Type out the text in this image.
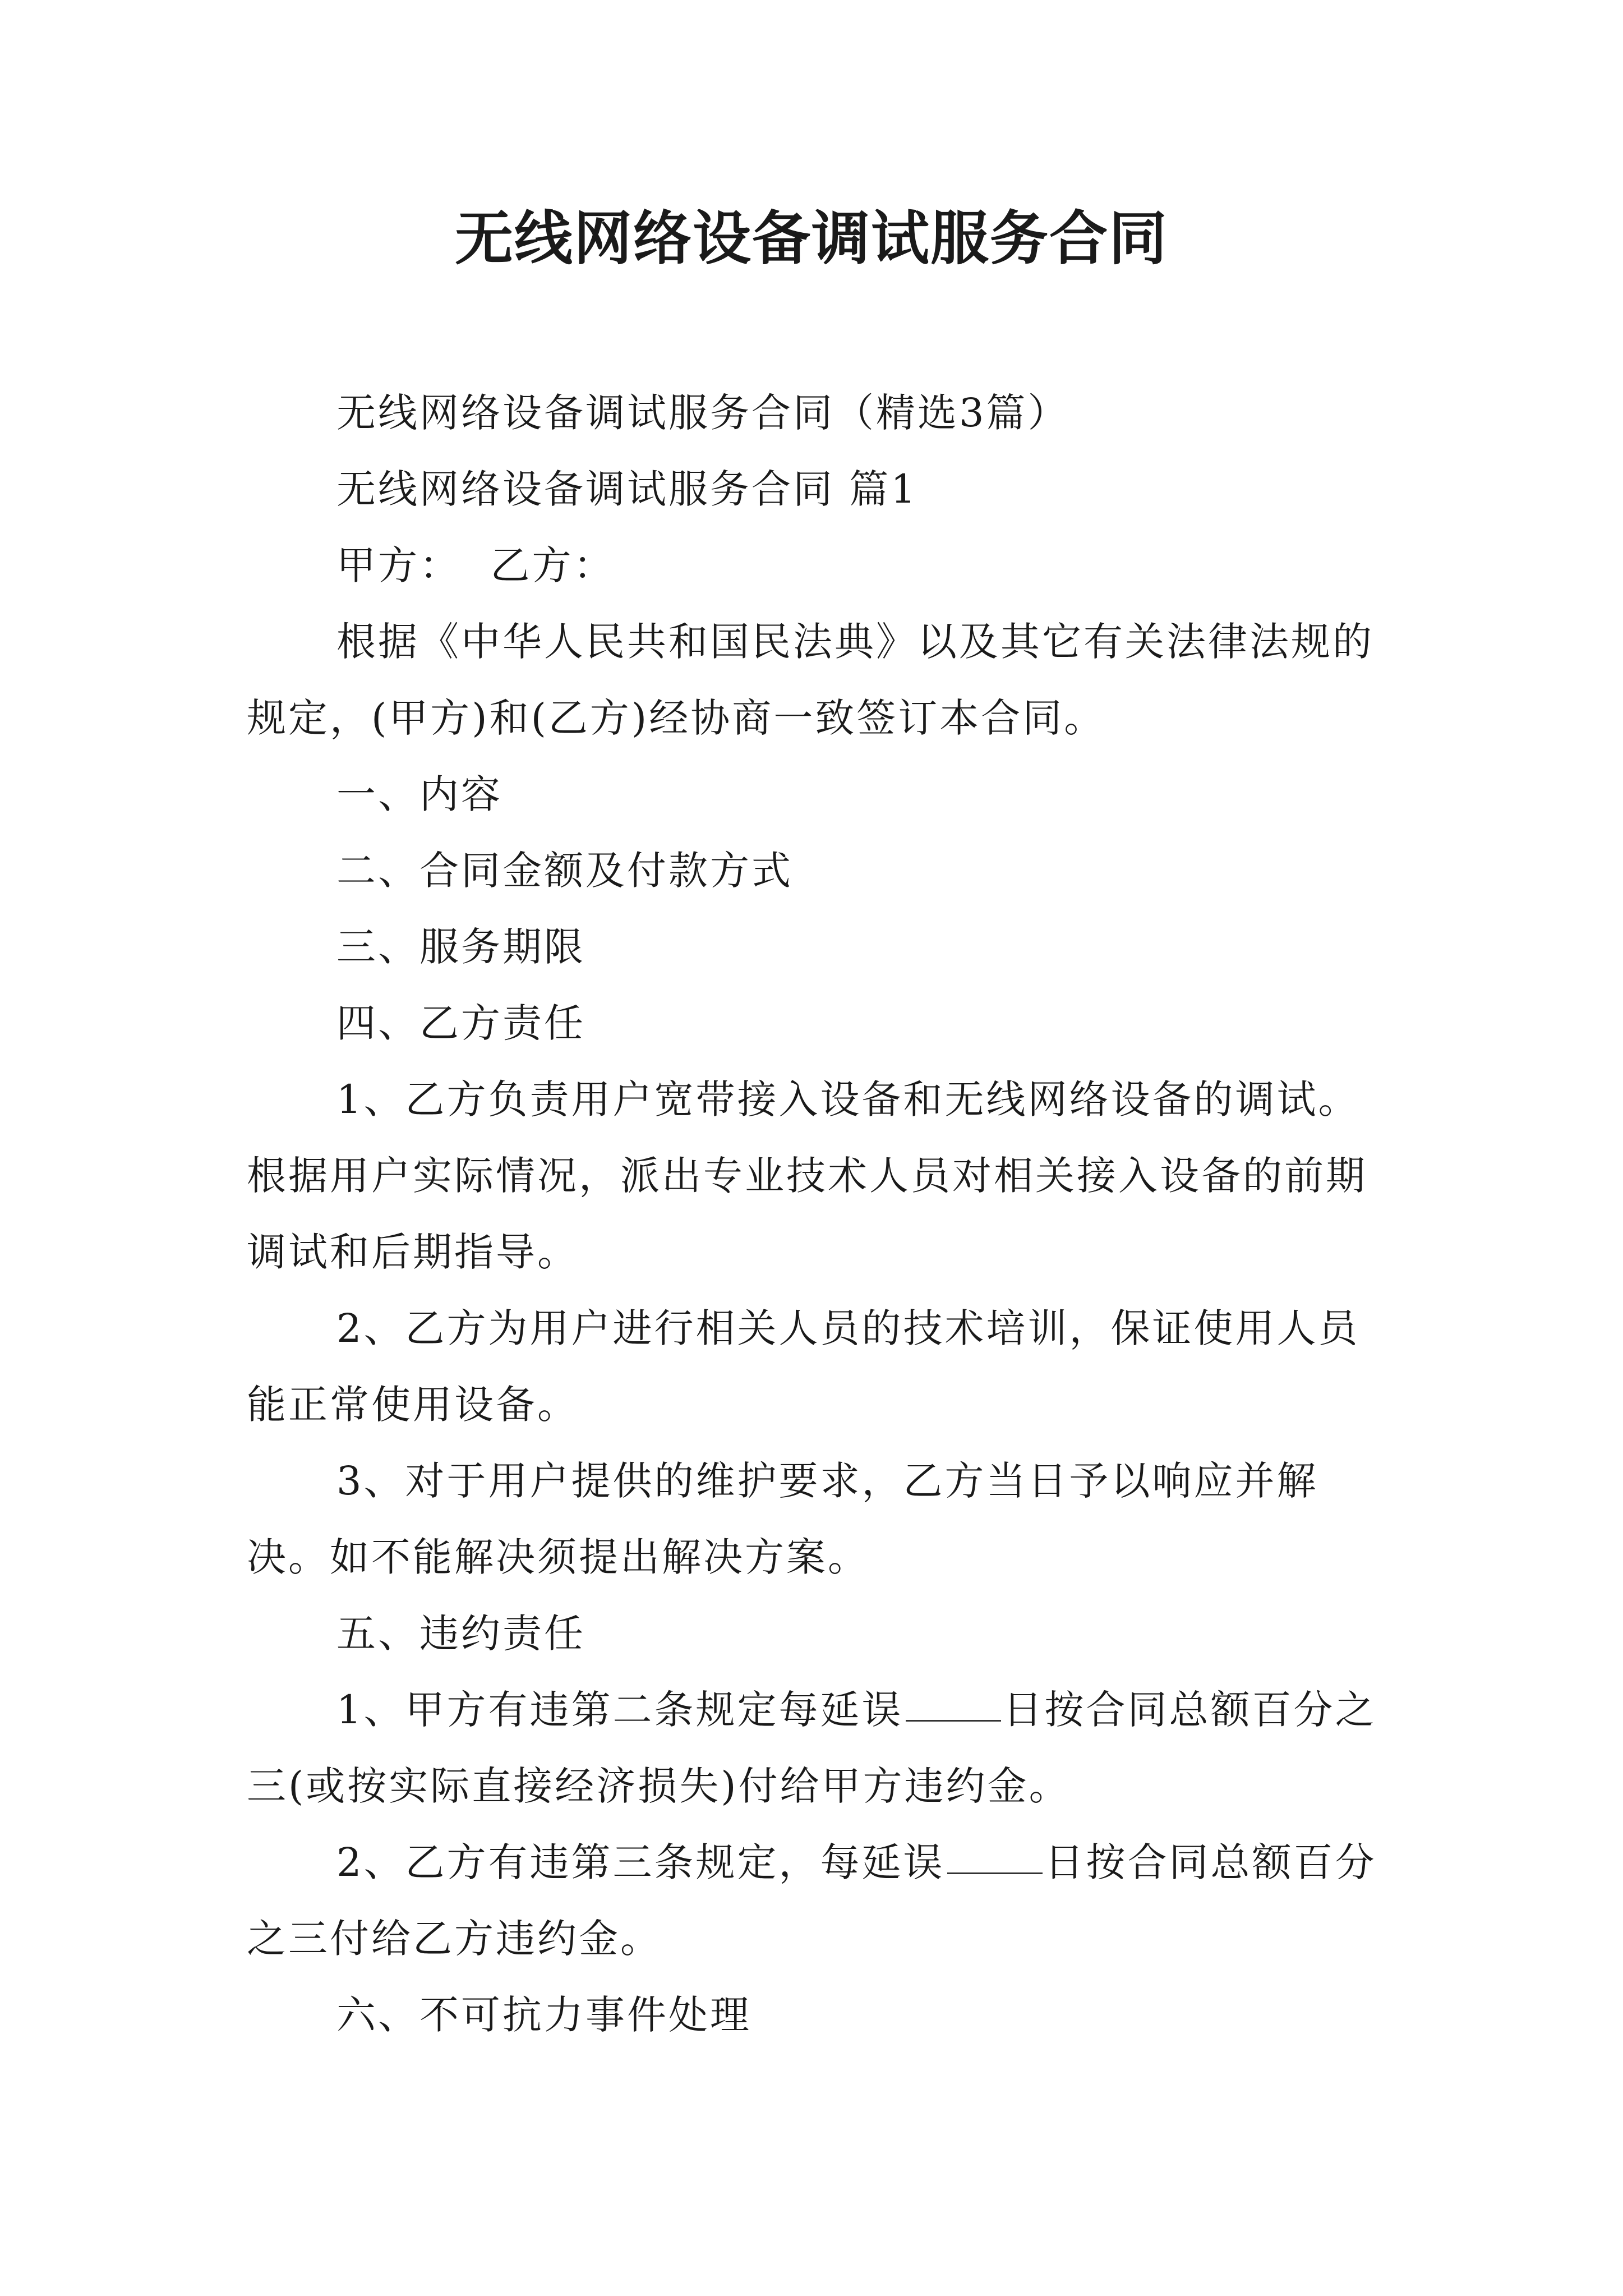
无线网络设备调试服务合同

无线网络设备调试服务合同（精选3篇）

无线网络设备调试服务合同 篇1

甲方：  乙方：

根据《中华人民共和国民法典》以及其它有关法律法规的规定，(甲方)和(乙方)经协商一致签订本合同。

一、内容

二、合同金额及付款方式

三、服务期限

四、乙方责任

1、乙方负责用户宽带接入设备和无线网络设备的调试。根据用户实际情况，派出专业技术人员对相关接入设备的前期调试和后期指导。

2、乙方为用户进行相关人员的技术培训，保证使用人员能正常使用设备。

3、对于用户提供的维护要求，乙方当日予以响应并解决。如不能解决须提出解决方案。

五、违约责任

1、甲方有违第二条规定每延误	日按合同总额百分之三(或按实际直接经济损失)付给甲方违约金。

2、乙方有违第三条规定，每延误	日按合同总额百分之三付给乙方违约金。

六、不可抗力事件处理
